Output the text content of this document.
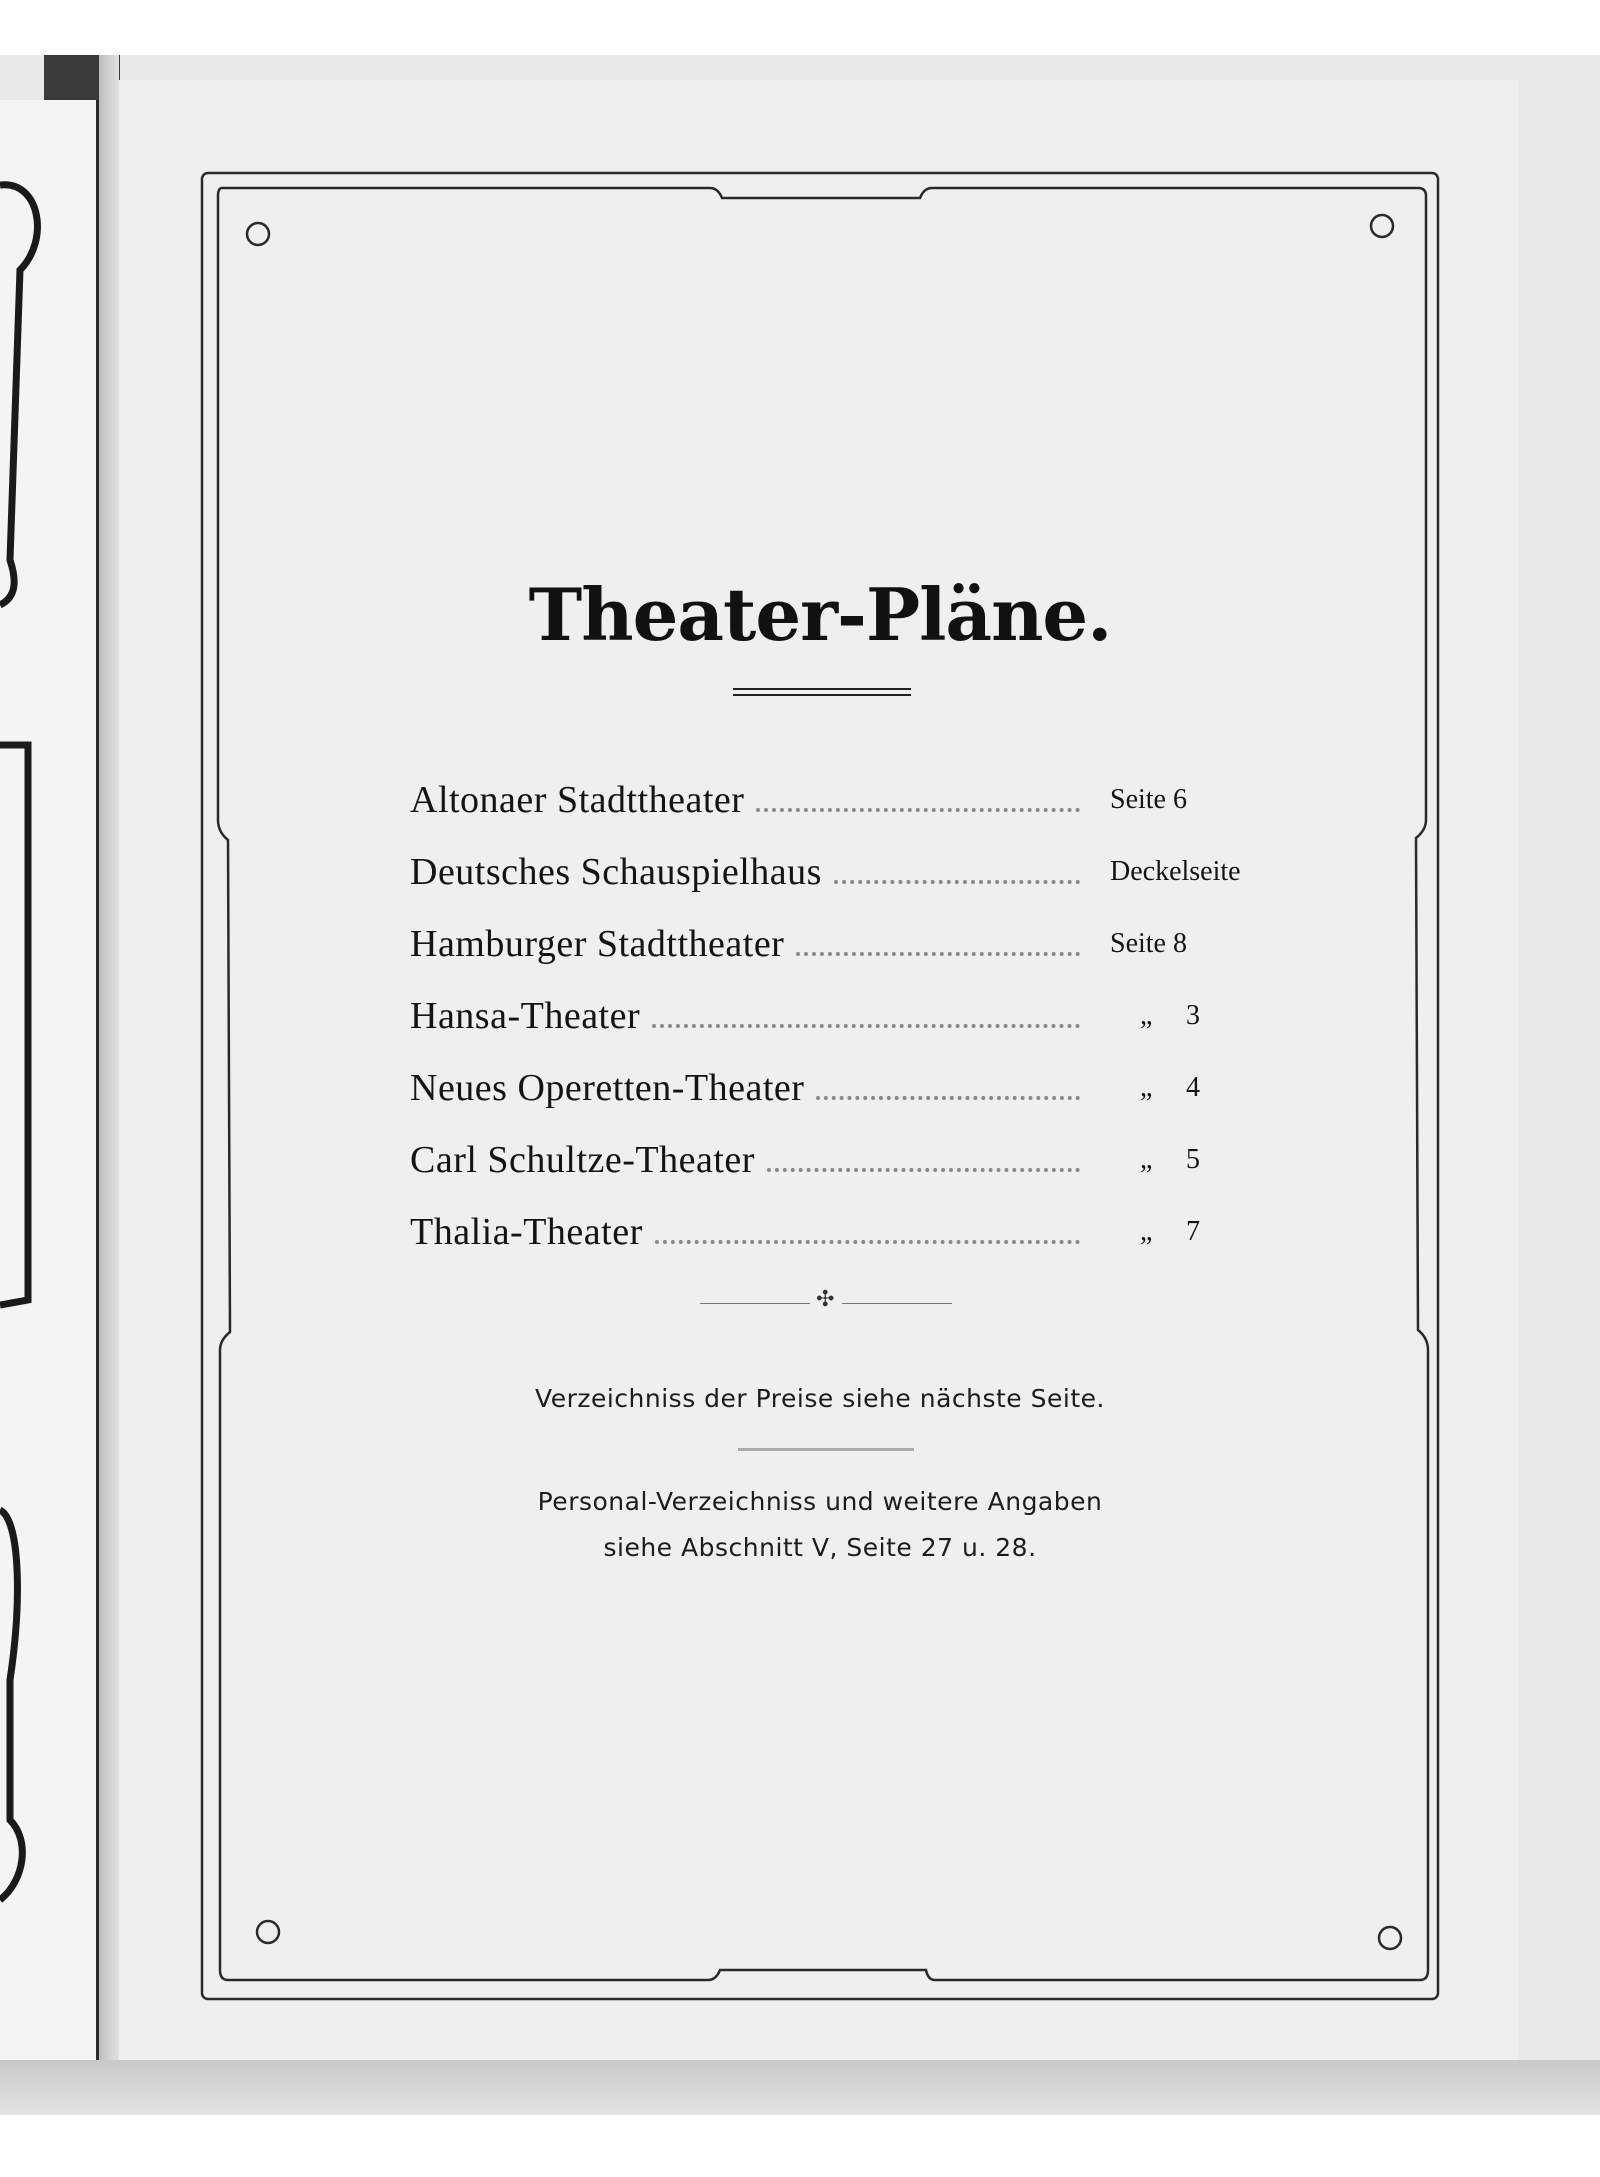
Theater-Pläne.
Altonaer Stadttheater	Seite 6
Deutsches Schauspielhaus	Deckelseite
Hamburger Stadttheater	Seite 8
Hansa-Theater	„ 3
Neues Operetten-Theater	„ 4
Carl Schultze-Theater	„ 5
Thalia-Theater	„ 7
✣
Verzeichniss der Preise siehe nächste Seite.
Personal-Verzeichniss und weitere Angaben
siehe Abschnitt V, Seite 27 u. 28.
